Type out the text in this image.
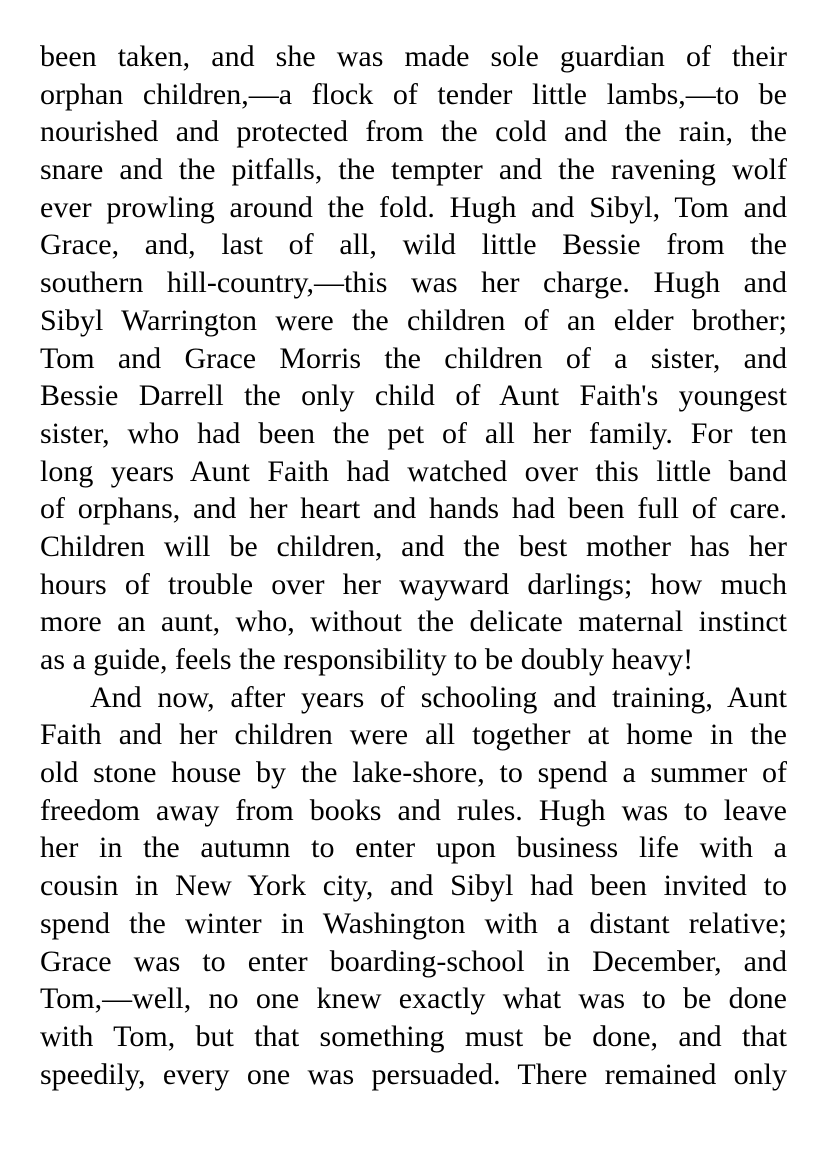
been taken, and she was made sole guardian of their
orphan children,—a flock of tender little lambs,—to be
nourished and protected from the cold and the rain, the
snare and the pitfalls, the tempter and the ravening wolf
ever prowling around the fold. Hugh and Sibyl, Tom and
Grace, and, last of all, wild little Bessie from the
southern hill-country,—this was her charge. Hugh and
Sibyl Warrington were the children of an elder brother;
Tom and Grace Morris the children of a sister, and
Bessie Darrell the only child of Aunt Faith's youngest
sister, who had been the pet of all her family. For ten
long years Aunt Faith had watched over this little band
of orphans, and her heart and hands had been full of care.
Children will be children, and the best mother has her
hours of trouble over her wayward darlings; how much
more an aunt, who, without the delicate maternal instinct
as a guide, feels the responsibility to be doubly heavy!
And now, after years of schooling and training, Aunt
Faith and her children were all together at home in the
old stone house by the lake-shore, to spend a summer of
freedom away from books and rules. Hugh was to leave
her in the autumn to enter upon business life with a
cousin in New York city, and Sibyl had been invited to
spend the winter in Washington with a distant relative;
Grace was to enter boarding-school in December, and
Tom,—well, no one knew exactly what was to be done
with Tom, but that something must be done, and that
speedily, every one was persuaded. There remained only
